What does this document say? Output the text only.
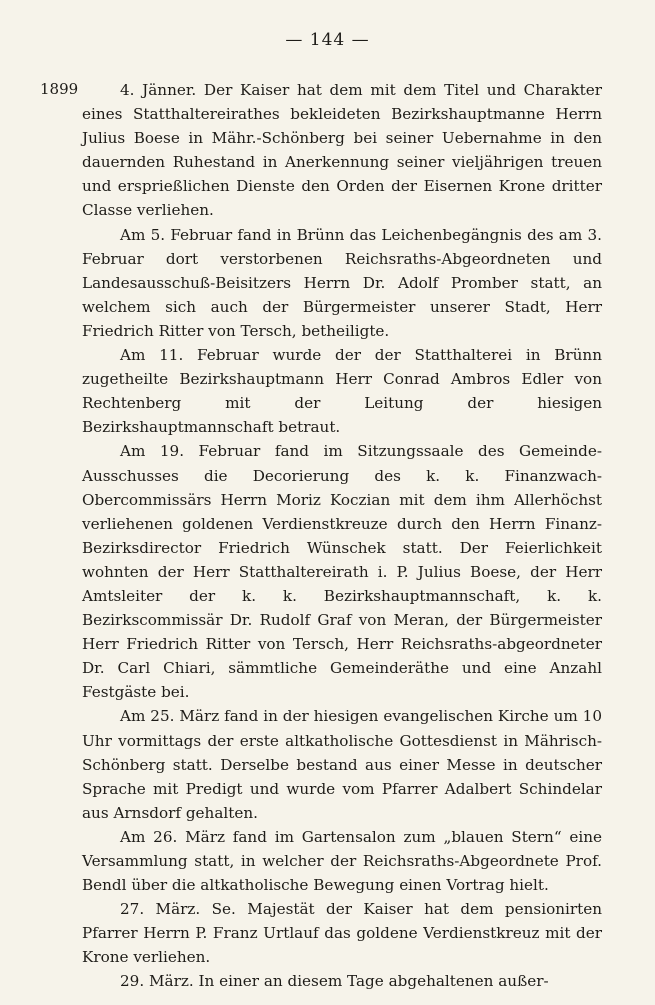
— 144 —
1899	4. Jänner. Der Kaiser hat dem mit dem Titel und Charakter eines Statthaltereirathes bekleideten Bezirkshauptmanne Herrn Julius Boese in Mähr.-Schönberg bei seiner Uebernahme in den dauernden Ruhestand in Anerkennung seiner vieljährigen treuen und ersprießlichen Dienste den Orden der Eisernen Krone dritter Classe verliehen.

Am 5. Februar fand in Brünn das Leichenbegängnis des am 3. Februar dort verstorbenen Reichsraths-Abgeordneten und Landesausschuß-Beisitzers Herrn Dr. Adolf Promber statt, an welchem sich auch der Bürgermeister unserer Stadt, Herr Friedrich Ritter von Tersch, betheiligte.

Am 11. Februar wurde der der Statthalterei in Brünn zugetheilte Bezirkshauptmann Herr Conrad Ambros Edler von Rechtenberg mit der Leitung der hiesigen Bezirkshauptmannschaft betraut.

Am 19. Februar fand im Sitzungssaale des Gemeinde-Ausschusses die Decorierung des k. k. Finanzwach-Obercommissärs Herrn Moriz Koczian mit dem ihm Allerhöchst verliehenen goldenen Verdienstkreuze durch den Herrn Finanz-Bezirksdirector Friedrich Wünschek statt. Der Feierlichkeit wohnten der Herr Statthaltereirath i. P. Julius Boese, der Herr Amtsleiter der k. k. Bezirkshauptmannschaft, k. k. Bezirkscommissär Dr. Rudolf Graf von Meran, der Bürgermeister Herr Friedrich Ritter von Tersch, Herr Reichsraths-abgeordneter Dr. Carl Chiari, sämmtliche Gemeinderäthe und eine Anzahl Festgäste bei.

Am 25. März fand in der hiesigen evangelischen Kirche um 10 Uhr vormittags der erste altkatholische Gottesdienst in Mährisch-Schönberg statt. Derselbe bestand aus einer Messe in deutscher Sprache mit Predigt und wurde vom Pfarrer Adalbert Schindelar aus Arnsdorf gehalten.

Am 26. März fand im Gartensalon zum „blauen Stern“ eine Versammlung statt, in welcher der Reichsraths-Abgeordnete Prof. Bendl über die altkatholische Bewegung einen Vortrag hielt.

27. März. Se. Majestät der Kaiser hat dem pensionirten Pfarrer Herrn P. Franz Urtlauf das goldene Verdienstkreuz mit der Krone verliehen.

29. März. In einer an diesem Tage abgehaltenen außer-
